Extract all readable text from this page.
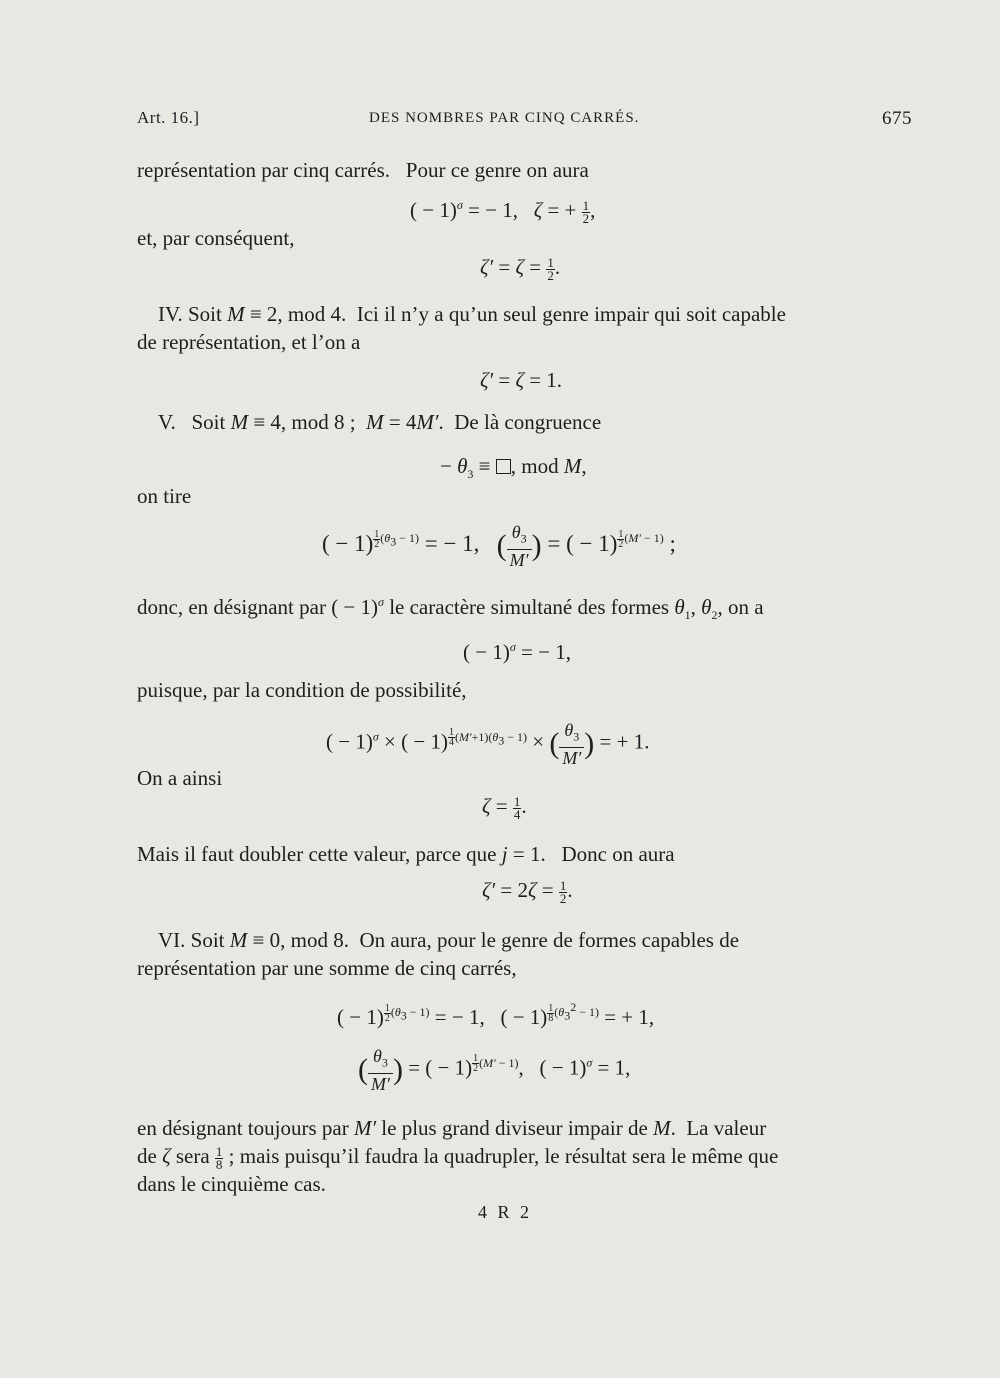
Art. 16.]	DES NOMBRES PAR CINQ CARRÉS.	675
représentation par cinq carrés.   Pour ce genre on aura
( − 1)$^\sigma$ = − 1,   ζ = + $\frac{1}{2}$ ,
et, par conséquent,
$\zeta' = \zeta = \frac{1}{2}$ .
IV. Soit M ≡ 2, mod 4.  Ici il n’y a qu’un seul genre impair qui soit capable
de représentation, et l’on a
ζ′ = ζ = 1.
V.   Soit M ≡ 4, mod 8 ;  M = 4M′.  De là congruence
− $\theta_3$ ≡ , mod M,
on tire
( − 1) $^{\frac{1}{2} (\theta_3 - 1)}$ = − 1,   ( $\frac{\theta_3}{M'}$ ) = ( − 1) $^{\frac{1}{2} (M' - 1)}$ ;
donc, en désignant par ( − 1)$^\sigma$ le caractère simultané des formes $\theta_1$, $\theta_2$, on a
( − 1)$^\sigma$ = − 1,
puisque, par la condition de possibilité,
( − 1)$^\sigma$ × ( − 1) $^{\frac{1}{4} (M'+1)(\theta_3 - 1)}$ × ( $\frac{\theta_3}{M'}$ ) = + 1.
On a ainsi
$\zeta = \frac{1}{4}$ .
Mais il faut doubler cette valeur, parce que j = 1.   Donc on aura
$\zeta' = 2\zeta = \frac{1}{2}$ .
VI. Soit M ≡ 0, mod 8.  On aura, pour le genre de formes capables de
représentation par une somme de cinq carrés,
( − 1) $^{\frac{1}{2} (\theta_3 - 1)}$ = − 1,   ( − 1) $^{\frac{1}{8} (\theta_3^2 - 1)}$ = + 1,
( $\frac{\theta_3}{M'}$ ) = ( − 1) $^{\frac{1}{2} (M' - 1)}$,   ( − 1)$^\sigma$ = 1,
en désignant toujours par M′ le plus grand diviseur impair de M.  La valeur
de ζ sera $\frac{1}{8}$ ; mais puisqu’il faudra la quadrupler, le résultat sera le même que
dans le cinquième cas.
4 R 2
